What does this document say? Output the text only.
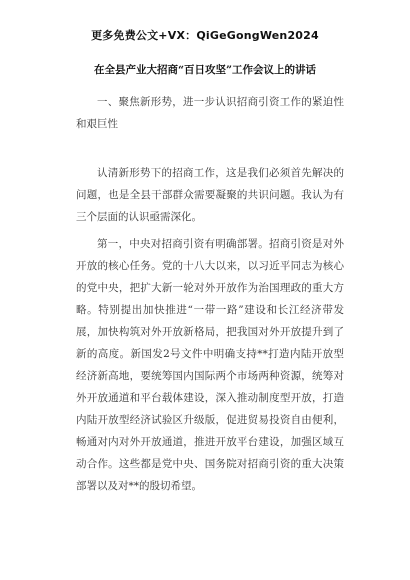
更多免费公文+VX：QiGeGongWen2024
在全县产业大招商“百日攻坚”工作会议上的讲话

一、聚焦新形势，进一步认识招商引资工作的紧迫性和艰巨性

认清新形势下的招商工作，这是我们必须首先解决的问题，也是全县干部群众需要凝聚的共识问题。我认为有三个层面的认识亟需深化。

第一，中央对招商引资有明确部署。招商引资是对外开放的核心任务。党的十八大以来，以习近平同志为核心的党中央，把扩大新一轮对外开放作为治国理政的重大方略。特别提出加快推进“一带一路”建设和长江经济带发展，加快构筑对外开放新格局，把我国对外开放提升到了新的高度。新国发2号文件中明确支持**打造内陆开放型经济新高地，要统筹国内国际两个市场两种资源，统筹对外开放通道和平台载体建设，深入推动制度型开放，打造内陆开放型经济试验区升级版，促进贸易投资自由便利，畅通对内对外开放通道，推进开放平台建设，加强区域互动合作。这些都是党中央、国务院对招商引资的重大决策部署以及对**的殷切希望。
